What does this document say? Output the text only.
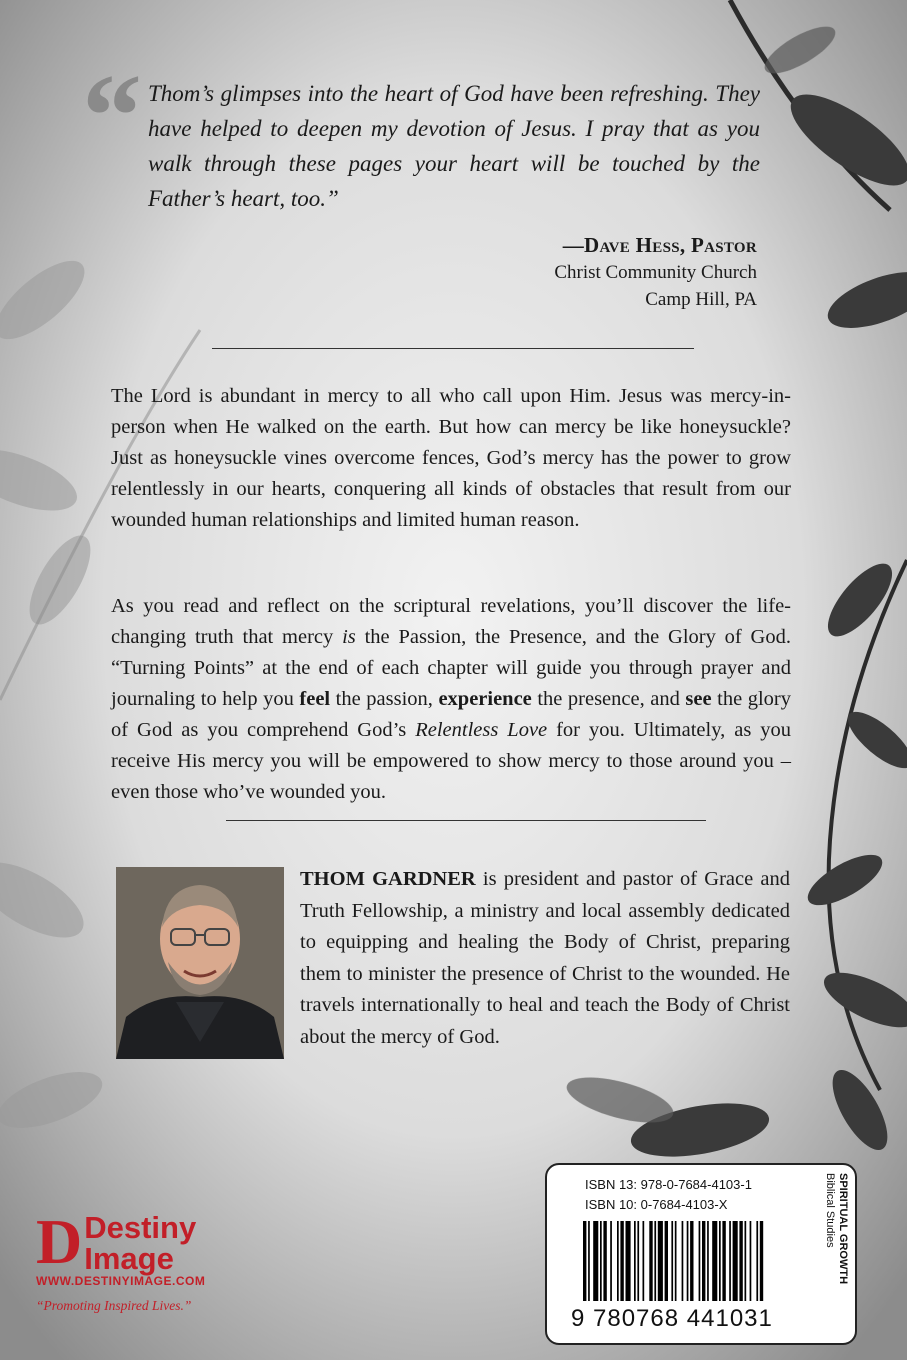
“ Thom’s glimpses into the heart of God have been refreshing. They have helped to deepen my devotion of Jesus. I pray that as you walk through these pages your heart will be touched by the Father’s heart, too.”
—Dave Hess, Pastor
Christ Community Church
Camp Hill, PA
The Lord is abundant in mercy to all who call upon Him. Jesus was mercy-in-person when He walked on the earth. But how can mercy be like honeysuckle? Just as honeysuckle vines overcome fences, God’s mercy has the power to grow relentlessly in our hearts, conquering all kinds of obstacles that result from our wounded human relationships and limited human reason.
As you read and reflect on the scriptural revelations, you’ll discover the life-changing truth that mercy is the Passion, the Presence, and the Glory of God. “Turning Points” at the end of each chapter will guide you through prayer and journaling to help you feel the passion, experience the presence, and see the glory of God as you comprehend God’s Relentless Love for you. Ultimately, as you receive His mercy you will be empowered to show mercy to those around you – even those who’ve wounded you.
THOM GARDNER is president and pastor of Grace and Truth Fellowship, a ministry and local assembly dedicated to equipping and healing the Body of Christ, preparing them to minister the presence of Christ to the wounded. He travels internationally to heal and teach the Body of Christ about the mercy of God.
D Destiny
Image
WWW.DESTINYIMAGE.COM
“Promoting Inspired Lives.”
ISBN 13: 978-0-7684-4103-1
ISBN 10: 0-7684-4103-X
9 780768 441031
SPIRITUAL GROWTH
Biblical Studies
